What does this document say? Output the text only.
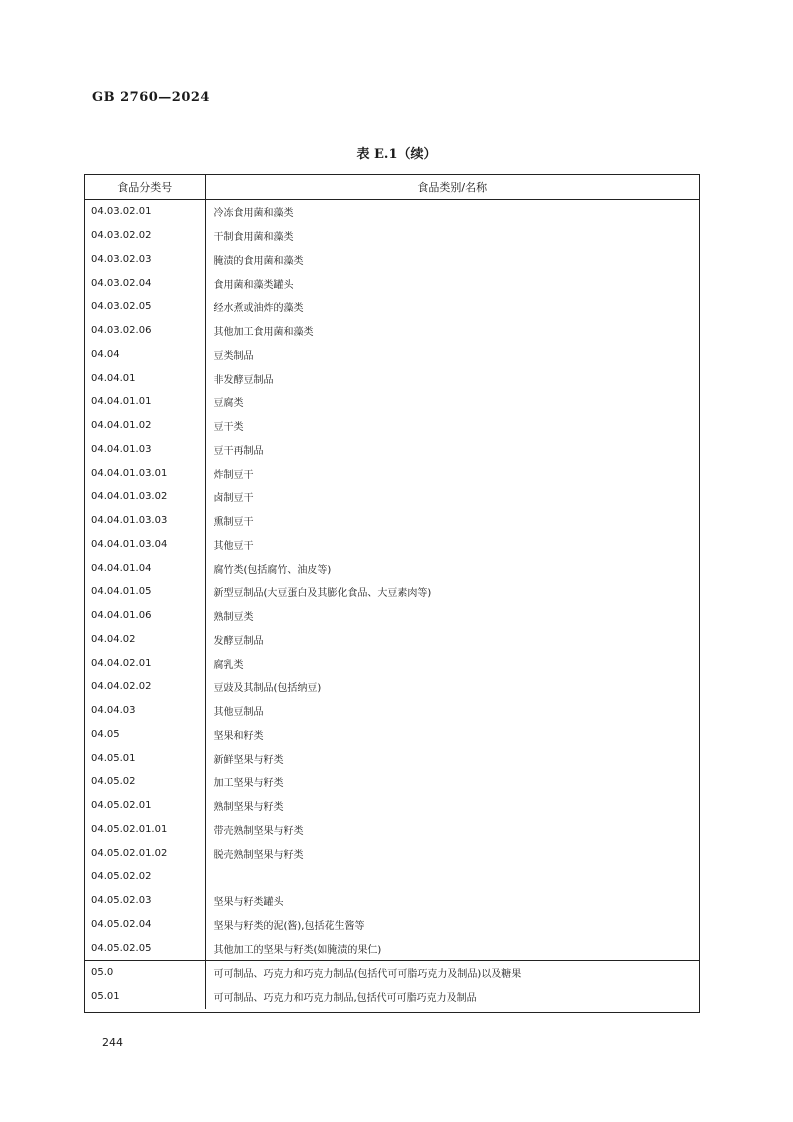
GB 2760—2024
表 E.1（续）
食品分类号	食品类别/名称
04.03.02.01	冷冻食用菌和藻类
04.03.02.02	干制食用菌和藻类
04.03.02.03	腌渍的食用菌和藻类
04.03.02.04	食用菌和藻类罐头
04.03.02.05	经水煮或油炸的藻类
04.03.02.06	其他加工食用菌和藻类
04.04	豆类制品
04.04.01	非发酵豆制品
04.04.01.01	豆腐类
04.04.01.02	豆干类
04.04.01.03	豆干再制品
04.04.01.03.01	炸制豆干
04.04.01.03.02	卤制豆干
04.04.01.03.03	熏制豆干
04.04.01.03.04	其他豆干
04.04.01.04	腐竹类(包括腐竹、油皮等)
04.04.01.05	新型豆制品(大豆蛋白及其膨化食品、大豆素肉等)
04.04.01.06	熟制豆类
04.04.02	发酵豆制品
04.04.02.01	腐乳类
04.04.02.02	豆豉及其制品(包括纳豆)
04.04.03	其他豆制品
04.05	坚果和籽类
04.05.01	新鲜坚果与籽类
04.05.02	加工坚果与籽类
04.05.02.01	熟制坚果与籽类
04.05.02.01.01	带壳熟制坚果与籽类
04.05.02.01.02	脱壳熟制坚果与籽类
04.05.02.02	
04.05.02.03	坚果与籽类罐头
04.05.02.04	坚果与籽类的泥(酱),包括花生酱等
04.05.02.05	其他加工的坚果与籽类(如腌渍的果仁)
05.0	可可制品、巧克力和巧克力制品(包括代可可脂巧克力及制品)以及糖果
05.01	可可制品、巧克力和巧克力制品,包括代可可脂巧克力及制品
244
